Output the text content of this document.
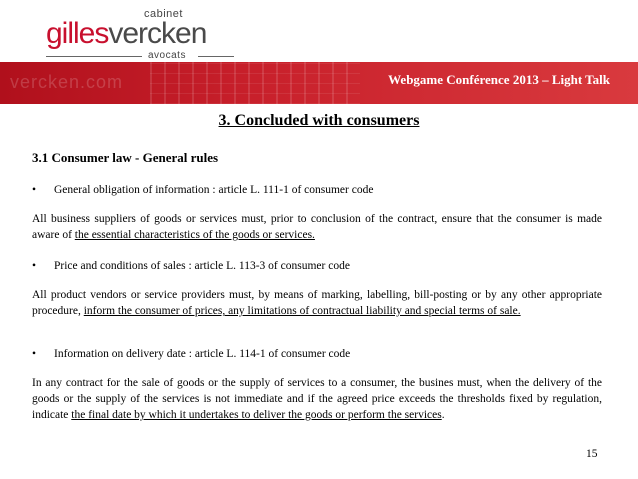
cabinet
gillesvercken
avocats
vercken.com	Webgame Conférence 2013 – Light Talk
3. Concluded with consumers
3.1 Consumer law - General rules
• General obligation of information : article L. 111-1 of consumer code
All business suppliers of goods or services must, prior to conclusion of the contract, ensure that the consumer is made aware of the essential characteristics of the goods or services.
• Price and conditions of sales : article L. 113-3 of consumer code
All product vendors or service providers must, by means of marking, labelling, bill-posting or by any other appropriate procedure, inform the consumer of prices, any limitations of contractual liability and special terms of sale.
• Information on delivery date : article L. 114-1 of consumer code
In any contract for the sale of goods or the supply of services to a consumer, the busines must, when the delivery of the goods or the supply of the services is not immediate and if the agreed price exceeds the thresholds fixed by regulation, indicate the final date by which it undertakes to deliver the goods or perform the services.
15
